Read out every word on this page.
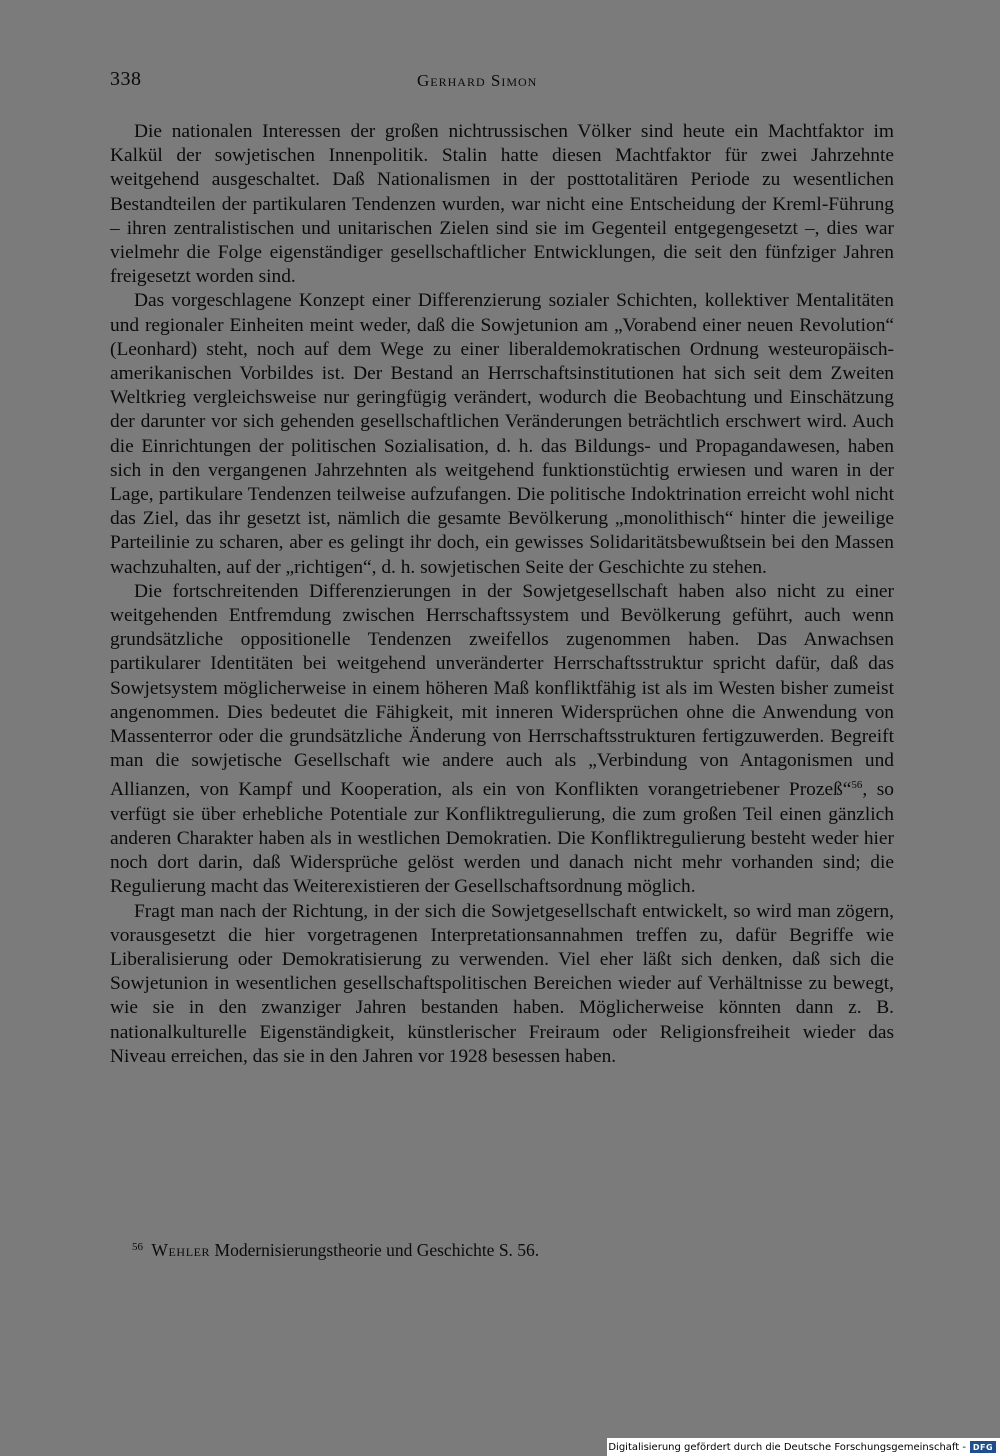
338	Gerhard Simon

Die nationalen Interessen der großen nichtrussischen Völker sind heute ein Machtfaktor im Kalkül der sowjetischen Innenpolitik. Stalin hatte diesen Machtfaktor für zwei Jahrzehnte weitgehend ausgeschaltet. Daß Nationalismen in der posttotalitären Periode zu wesentlichen Bestandteilen der partikularen Tendenzen wurden, war nicht eine Entscheidung der Kreml-Führung – ihren zentralistischen und unitarischen Zielen sind sie im Gegenteil entgegengesetzt –, dies war vielmehr die Folge eigenständiger gesellschaftlicher Entwicklungen, die seit den fünfziger Jahren freigesetzt worden sind.

Das vorgeschlagene Konzept einer Differenzierung sozialer Schichten, kollektiver Mentalitäten und regionaler Einheiten meint weder, daß die Sowjetunion am „Vorabend einer neuen Revolution“ (Leonhard) steht, noch auf dem Wege zu einer liberaldemokratischen Ordnung westeuropäisch-amerikanischen Vorbildes ist. Der Bestand an Herrschaftsinstitutionen hat sich seit dem Zweiten Weltkrieg vergleichsweise nur geringfügig verändert, wodurch die Beobachtung und Einschätzung der darunter vor sich gehenden gesellschaftlichen Veränderungen beträchtlich erschwert wird. Auch die Einrichtungen der politischen Sozialisation, d. h. das Bildungs- und Propagandawesen, haben sich in den vergangenen Jahrzehnten als weitgehend funktionstüchtig erwiesen und waren in der Lage, partikulare Tendenzen teilweise aufzufangen. Die politische Indoktrination erreicht wohl nicht das Ziel, das ihr gesetzt ist, nämlich die gesamte Bevölkerung „monolithisch“ hinter die jeweilige Parteilinie zu scharen, aber es gelingt ihr doch, ein gewisses Solidaritätsbewußtsein bei den Massen wachzuhalten, auf der „richtigen“, d. h. sowjetischen Seite der Geschichte zu stehen.

Die fortschreitenden Differenzierungen in der Sowjetgesellschaft haben also nicht zu einer weitgehenden Entfremdung zwischen Herrschaftssystem und Bevölkerung geführt, auch wenn grundsätzliche oppositionelle Tendenzen zweifellos zugenommen haben. Das Anwachsen partikularer Identitäten bei weitgehend unveränderter Herrschaftsstruktur spricht dafür, daß das Sowjetsystem möglicherweise in einem höheren Maß konfliktfähig ist als im Westen bisher zumeist angenommen. Dies bedeutet die Fähigkeit, mit inneren Widersprüchen ohne die Anwendung von Massenterror oder die grundsätzliche Änderung von Herrschaftsstrukturen fertigzuwerden. Begreift man die sowjetische Gesellschaft wie andere auch als „Verbindung von Antagonismen und Allianzen, von Kampf und Kooperation, als ein von Konflikten vorangetriebener Prozeß“$^{56}$, so verfügt sie über erhebliche Potentiale zur Konfliktregulierung, die zum großen Teil einen gänzlich anderen Charakter haben als in westlichen Demokratien. Die Konfliktregulierung besteht weder hier noch dort darin, daß Widersprüche gelöst werden und danach nicht mehr vorhanden sind; die Regulierung macht das Weiterexistieren der Gesellschaftsordnung möglich.

Fragt man nach der Richtung, in der sich die Sowjetgesellschaft entwickelt, so wird man zögern, vorausgesetzt die hier vorgetragenen Interpretationsannahmen treffen zu, dafür Begriffe wie Liberalisierung oder Demokratisierung zu verwenden. Viel eher läßt sich denken, daß sich die Sowjetunion in wesentlichen gesellschaftspolitischen Bereichen wieder auf Verhältnisse zu bewegt, wie sie in den zwanziger Jahren bestanden haben. Möglicherweise könnten dann z. B. nationalkulturelle Eigenständigkeit, künstlerischer Freiraum oder Religionsfreiheit wieder das Niveau erreichen, das sie in den Jahren vor 1928 besessen haben.

$^{56}$ Wehler Modernisierungstheorie und Geschichte S. 56.
Digitalisierung gefördert durch die Deutsche Forschungsgemeinschaft - DFG
